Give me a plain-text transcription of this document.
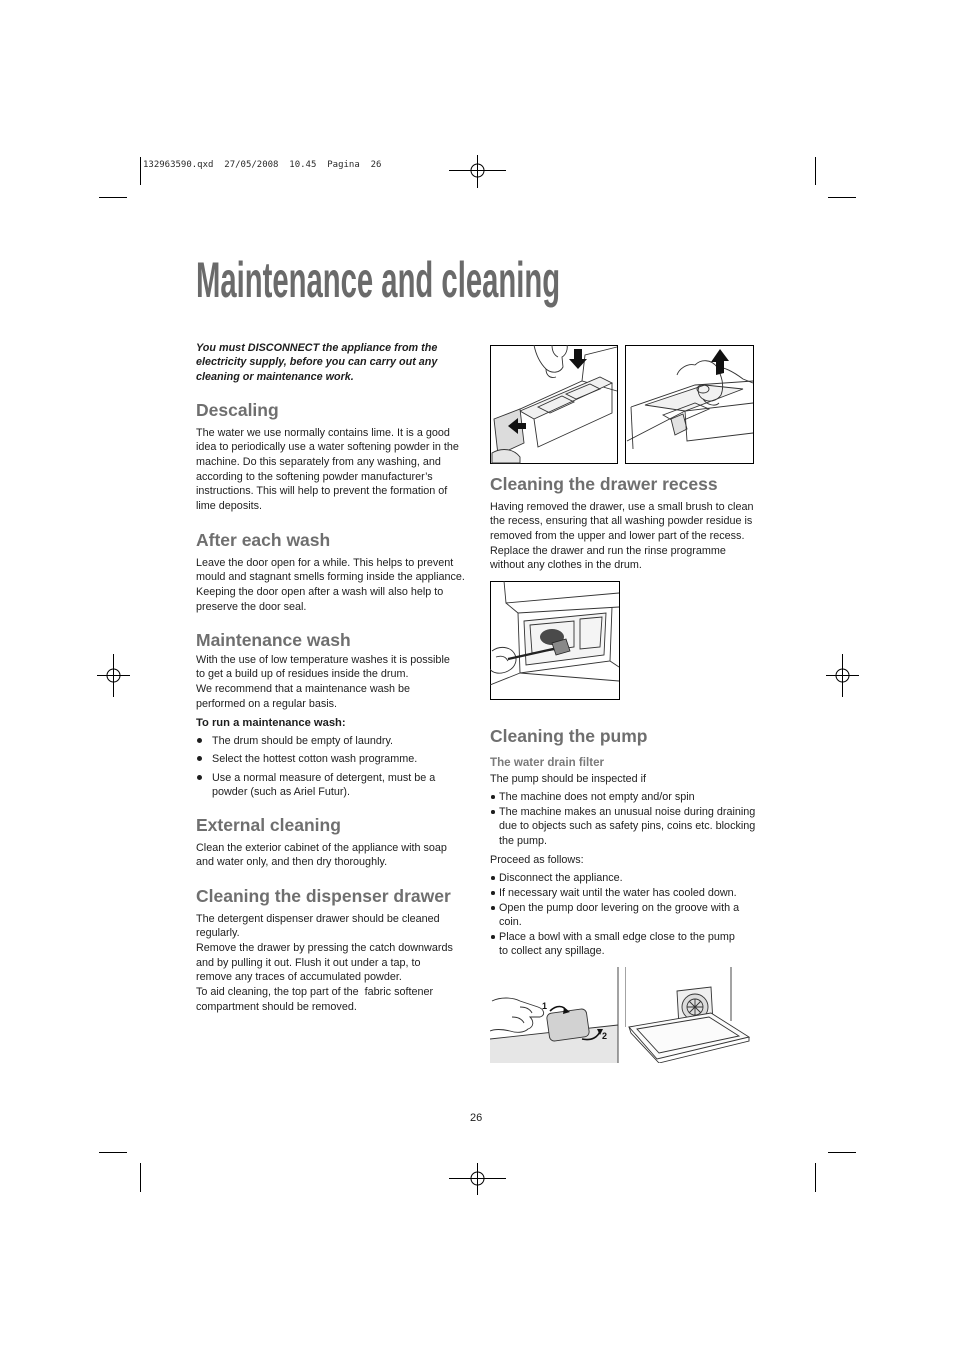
132963590.qxd  27/05/2008  10.45  Pagina  26
Maintenance and cleaning
You must DISCONNECT the appliance from the
electricity supply, before you can carry out any
cleaning or maintenance work.
Descaling
The water we use normally contains lime. It is a good
idea to periodically use a water softening powder in the
machine. Do this separately from any washing, and
according to the softening powder manufacturer’s
instructions. This will help to prevent the formation of
lime deposits.
After each wash
Leave the door open for a while. This helps to prevent
mould and stagnant smells forming inside the appliance.
Keeping the door open after a wash will also help to
preserve the door seal.
Maintenance wash
With the use of low temperature washes it is possible
to get a build up of residues inside the drum.
We recommend that a maintenance wash be
performed on a regular basis.
To run a maintenance wash:
The drum should be empty of laundry.
Select the hottest cotton wash programme.
Use a normal measure of detergent, must be a
powder (such as Ariel Futur).
External cleaning
Clean the exterior cabinet of the appliance with soap
and water only, and then dry thoroughly.
Cleaning the dispenser drawer
The detergent dispenser drawer should be cleaned
regularly.
Remove the drawer by pressing the catch downwards
and by pulling it out. Flush it out under a tap, to
remove any traces of accumulated powder.
To aid cleaning, the top part of the  fabric softener
compartment should be removed.
Cleaning the drawer recess
Having removed the drawer, use a small brush to clean
the recess, ensuring that all washing powder residue is
removed from the upper and lower part of the recess.
Replace the drawer and run the rinse programme
without any clothes in the drum.
Cleaning the pump
The water drain filter
The pump should be inspected if
The machine does not empty and/or spin
The machine makes an unusual noise during draining
due to objects such as safety pins, coins etc. blocking
the pump.
Proceed as follows:
Disconnect the appliance.
If necessary wait until the water has cooled down.
Open the pump door levering on the groove with a
coin.
Place a bowl with a small edge close to the pump
to collect any spillage.
1
2
26
